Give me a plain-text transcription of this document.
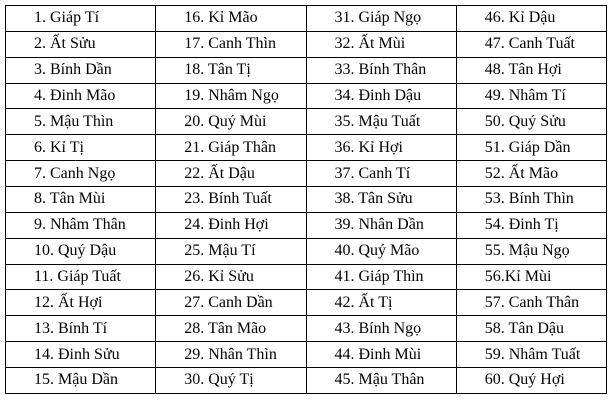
1. Giáp Tí
2. Ất Sửu
3. Bính Dần
4. Đinh Mão
5. Mậu Thìn
6. Kỉ Tị
7. Canh Ngọ
8. Tân Mùi
9. Nhâm Thân
10. Quý Dậu
11. Giáp Tuất
12. Ất Hợi
13. Bính Tí
14. Đinh Sửu
15. Mậu Dần
16. Kỉ Mão
17. Canh Thìn
18. Tân Tị
19. Nhâm Ngọ
20. Quý Mùi
21. Giáp Thân
22. Ất Dậu
23. Bính Tuất
24. Đinh Hợi
25. Mậu Tí
26. Kỉ Sửu
27. Canh Dần
28. Tân Mão
29. Nhân Thìn
30. Quý Tị
31. Giáp Ngọ
32. Ất Mùi
33. Bính Thân
34. Đinh Dậu
35. Mậu Tuất
36. Kỉ Hợi
37. Canh Tí
38. Tân Sửu
39. Nhân Dần
40. Quý Mão
41. Giáp Thìn
42. Ất Tị
43. Bính Ngọ
44. Đinh Mùi
45. Mậu Thân
46. Kỉ Dậu
47. Canh Tuất
48. Tân Hợi
49. Nhâm Tí
50. Quý Sửu
51. Giáp Dần
52. Ất Mão
53. Bính Thìn
54. Đinh Tị
55. Mậu Ngọ
56.Kỉ Mùi
57. Canh Thân
58. Tân Dậu
59. Nhâm Tuất
60. Quý Hợi
